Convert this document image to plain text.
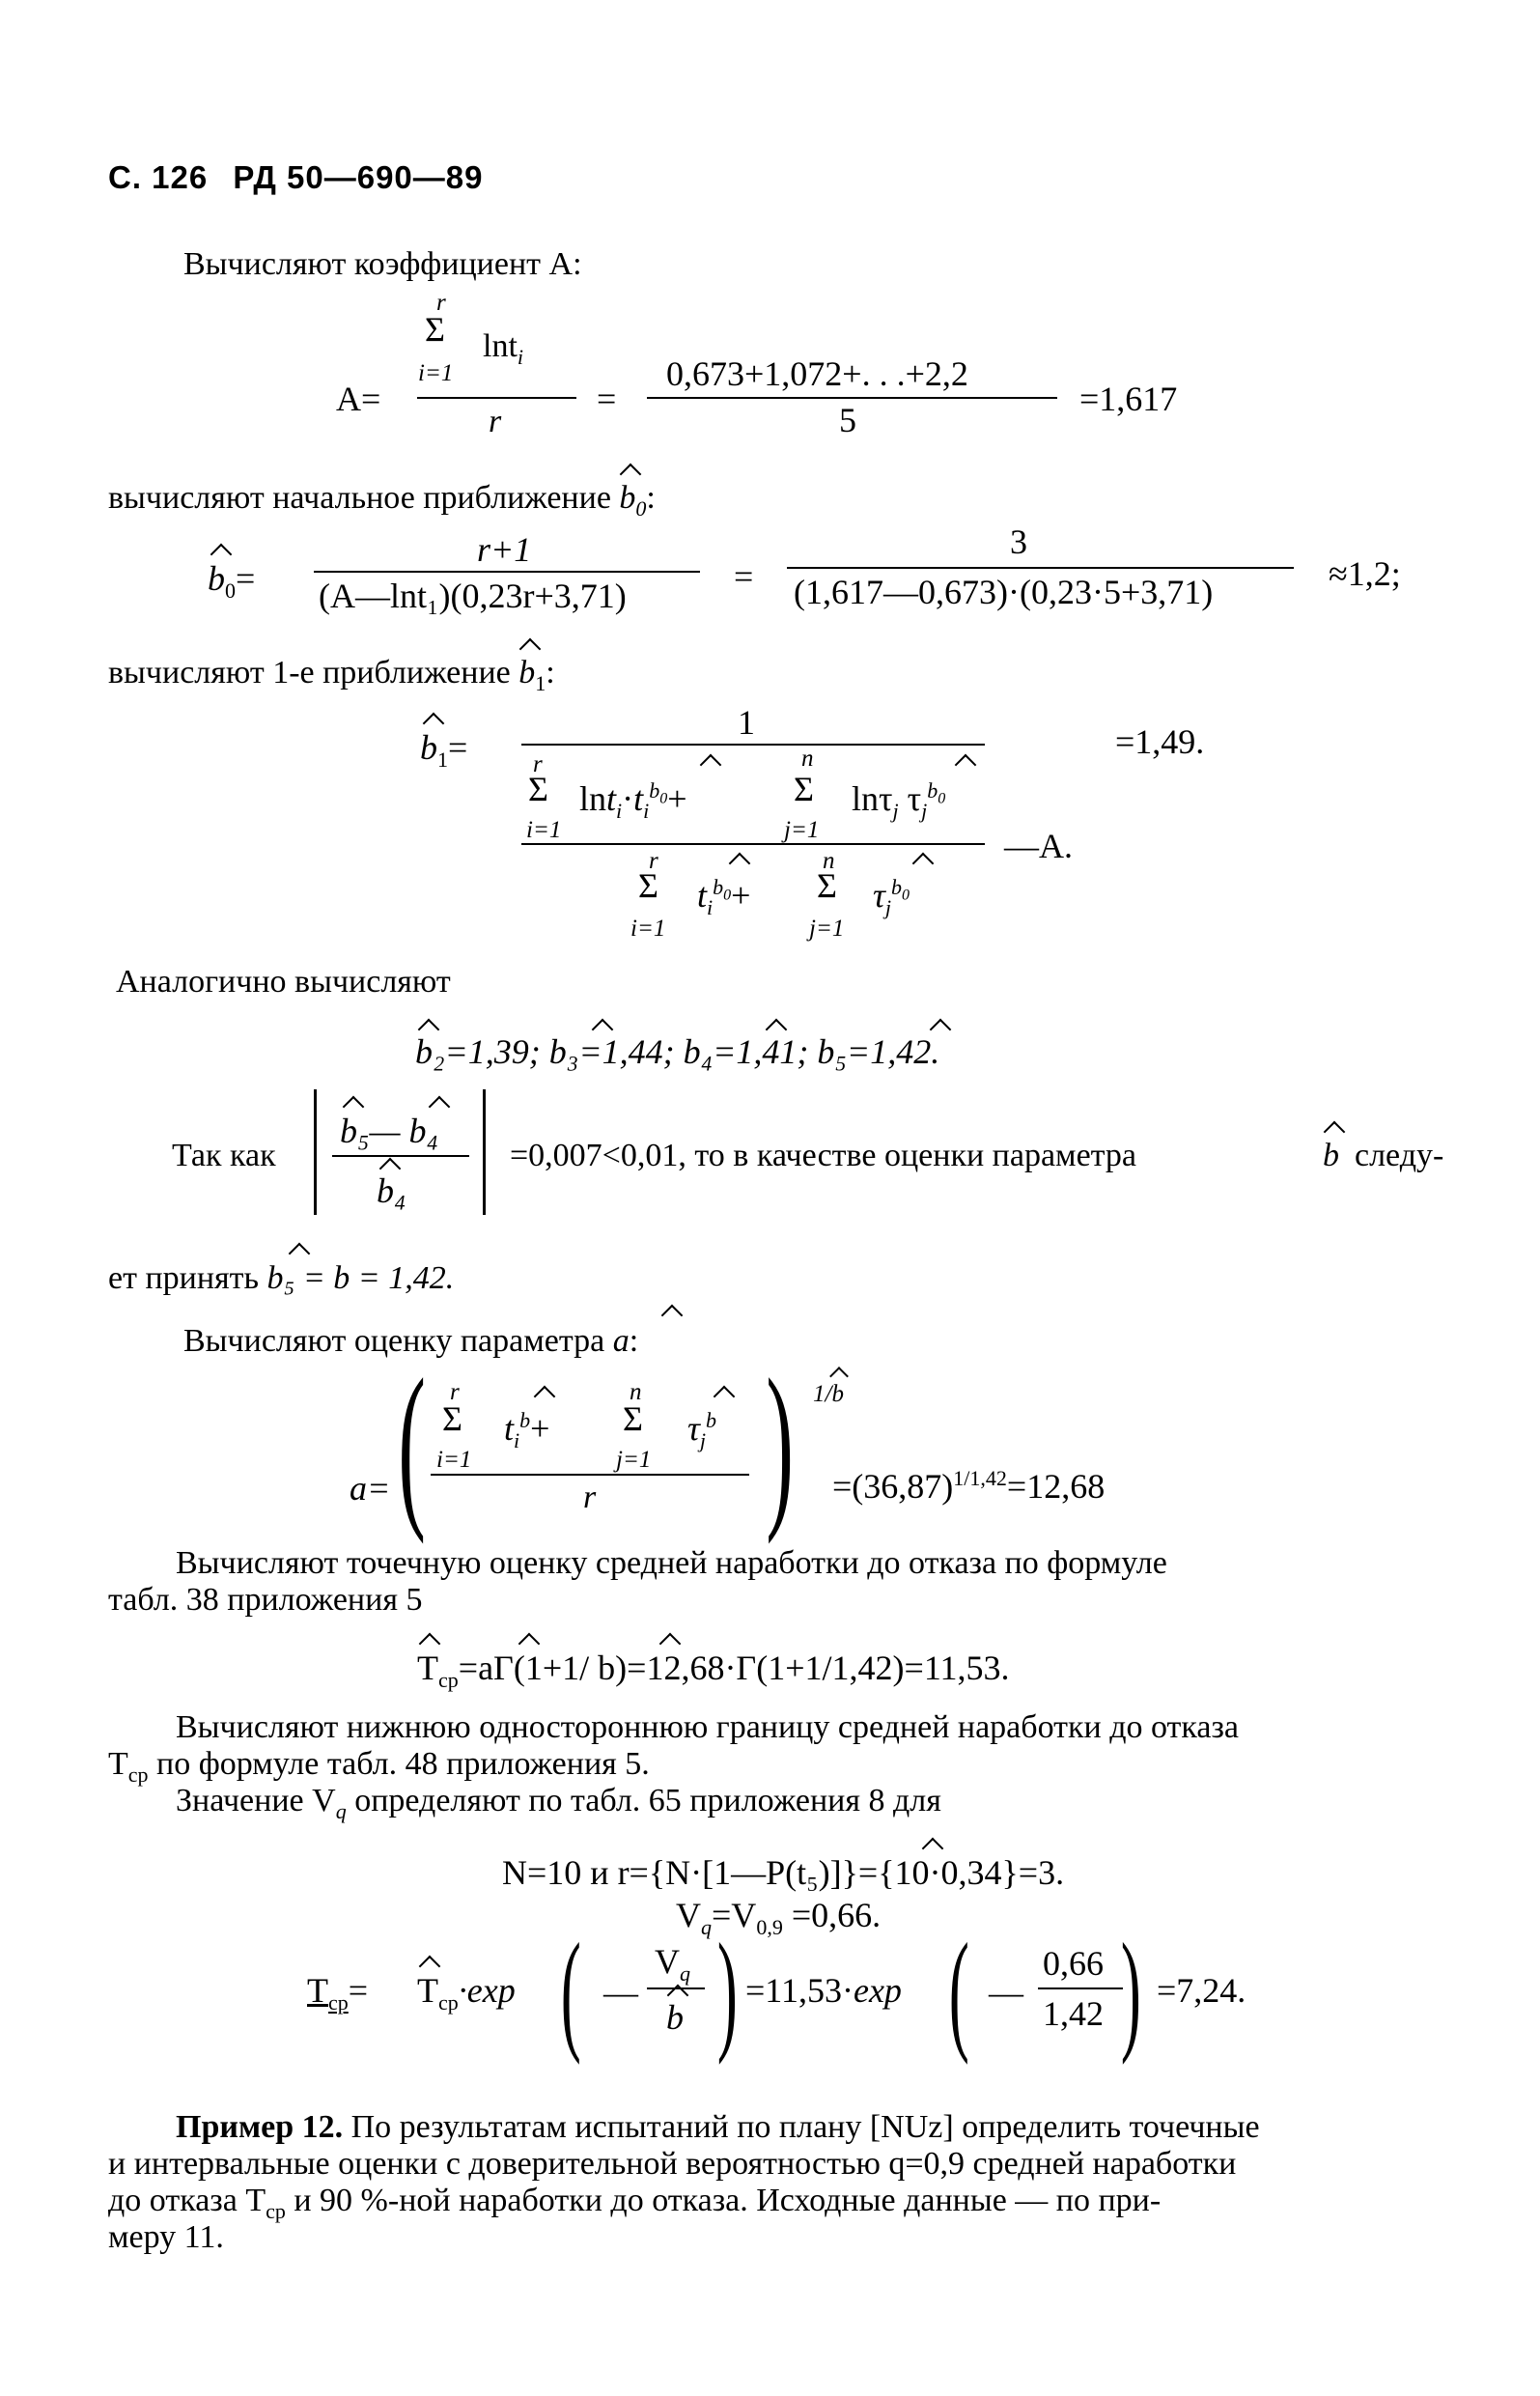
С. 126 РД 50—690—89
Вычисляют коэффициент А:
r
Σ lnt$_i$
i=1
А=
r
=
0,673+1,072+. . .+2,2
5
=1,617
вычисляют начальное приближение $b_0$
:
$b_0=$
r+1
(A—lnt₁)(0,23r+3,71)	=
3
(1,617—0,673)·(0,23·5+3,71)	≈1,2;
вычисляют 1-е приближение $b_1$
:
$b_1=$
1	=1,49.
r
Σ
i=1
$\ln t_i\cdot t_i^{b_0}+$
n
Σ
j=1
lnτ$_j$ $\tau_j^{b_0}$
—A.
r
Σ
i=1
$t_i^{b_0}+$
n
Σ
j=1
$\tau_j^{b_0}$
Аналогично вычисляют
b₂=1,39; b₃=1,44; b₄=1,41; b₅=1,42.
Так как
b₅— b₄
b₄
=0,007<0,01, то в качестве оценки параметра	b следу-
ет принять b₅ = b = 1,42.
Вычисляют оценку параметра a:
a= ( r
Σ
i=1
$t_i^b+$
n
Σ
j=1
$\tau_j^b$
r ) 1/b
$=(36,87)^{1/1,42}=12,68$
Вычисляют точечную оценку средней наработки до отказа по формуле
табл. 38 приложения 5
$T_{ср}=a\Gamma(1+1/$ b)=12,68·Γ(1+1/1,42)=11,53.
Вычисляют нижнюю одностороннюю границу средней наработки до отказа
$T_{ср}$ по формуле табл. 48 приложения 5.
Значение $V_q$ определяют по табл. 65 приложения 8 для
N=10 и r={N·[1—P(t₅)]}={10·0,34}=3.
$V_q=V_{0,9} =0,66$.
$T_{ср}= T_{ср}\cdot\exp$ ( —
$V_q$
b ) =11,53·exp ( —
0,66
1,42 ) =7,24.
Пример 12. По результатам испытаний по плану [NUz] определить точечные
и интервальные оценки с доверительной вероятностью q=0,9 средней наработки
до отказа $T_{ср}$ и 90 %-ной наработки до отказа. Исходные данные — по при-
меру 11.
